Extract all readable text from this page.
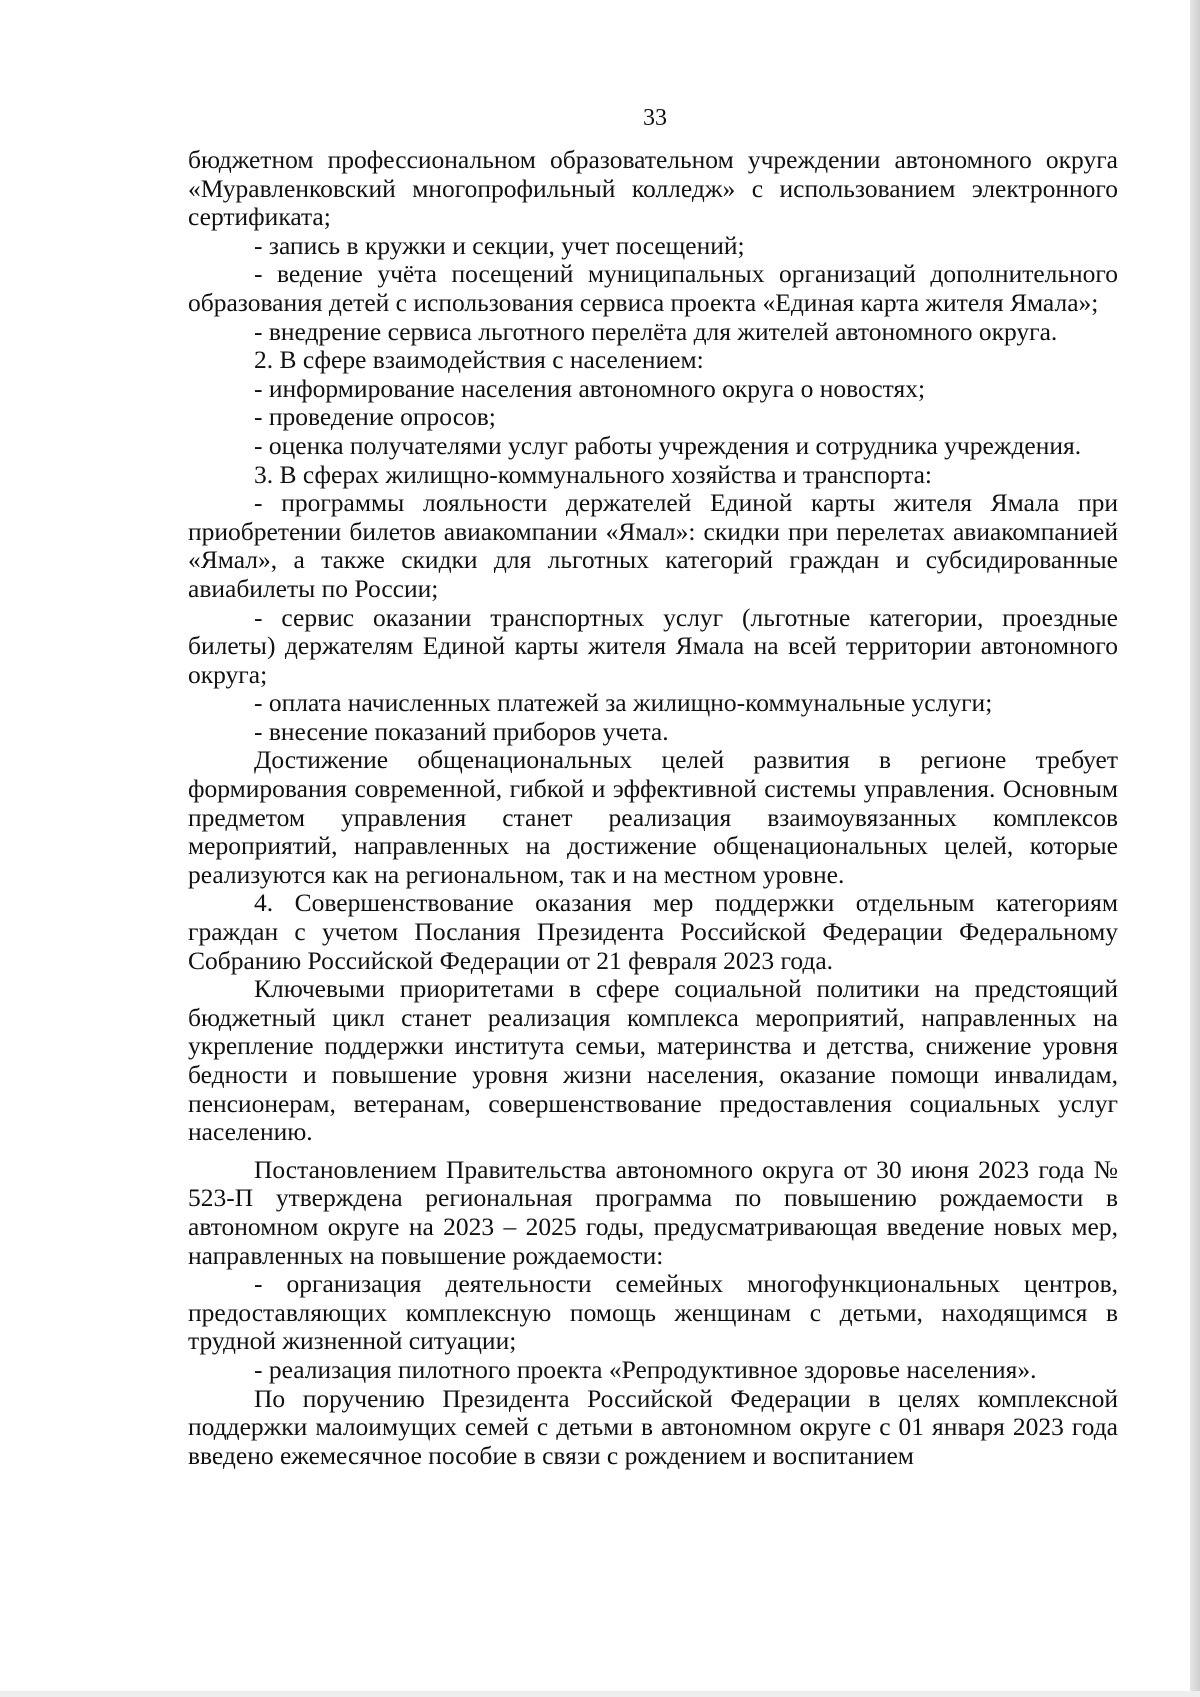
33

бюджетном профессиональном образовательном учреждении автономного округа «Муравленковский многопрофильный колледж» с использованием электронного сертификата;

- запись в кружки и секции, учет посещений;

- ведение учёта посещений муниципальных организаций дополнительного образования детей с использования сервиса проекта «Единая карта жителя Ямала»;

- внедрение сервиса льготного перелёта для жителей автономного округа.

2. В сфере взаимодействия с населением:

- информирование населения автономного округа о новостях;

- проведение опросов;

- оценка получателями услуг работы учреждения и сотрудника учреждения.

3. В сферах жилищно-коммунального хозяйства и транспорта:

- программы лояльности держателей Единой карты жителя Ямала при приобретении билетов авиакомпании «Ямал»: скидки при перелетах авиакомпанией «Ямал», а также скидки для льготных категорий граждан и субсидированные авиабилеты по России;

- сервис оказании транспортных услуг (льготные категории, проездные билеты) держателям Единой карты жителя Ямала на всей территории автономного округа;

- оплата начисленных платежей за жилищно-коммунальные услуги;

- внесение показаний приборов учета.

Достижение общенациональных целей развития в регионе требует формирования современной, гибкой и эффективной системы управления. Основным предметом управления станет реализация взаимоувязанных комплексов мероприятий, направленных на достижение общенациональных целей, которые реализуются как на региональном, так и на местном уровне.

4. Совершенствование оказания мер поддержки отдельным категориям граждан с учетом Послания Президента Российской Федерации Федеральному Собранию Российской Федерации от 21 февраля 2023 года.

Ключевыми приоритетами в сфере социальной политики на предстоящий бюджетный цикл станет реализация комплекса мероприятий, направленных на укрепление поддержки института семьи, материнства и детства, снижение уровня бедности и повышение уровня жизни населения, оказание помощи инвалидам, пенсионерам, ветеранам, совершенствование предоставления социальных услуг населению.

Постановлением Правительства автономного округа от 30 июня 2023 года № 523-П утверждена региональная программа по повышению рождаемости в автономном округе на 2023 – 2025 годы, предусматривающая введение новых мер, направленных на повышение рождаемости:

- организация деятельности семейных многофункциональных центров, предоставляющих комплексную помощь женщинам с детьми, находящимся в трудной жизненной ситуации;

- реализация пилотного проекта «Репродуктивное здоровье населения».

По поручению Президента Российской Федерации в целях комплексной поддержки малоимущих семей с детьми в автономном округе с 01 января 2023 года введено ежемесячное пособие в связи с рождением и воспитанием
